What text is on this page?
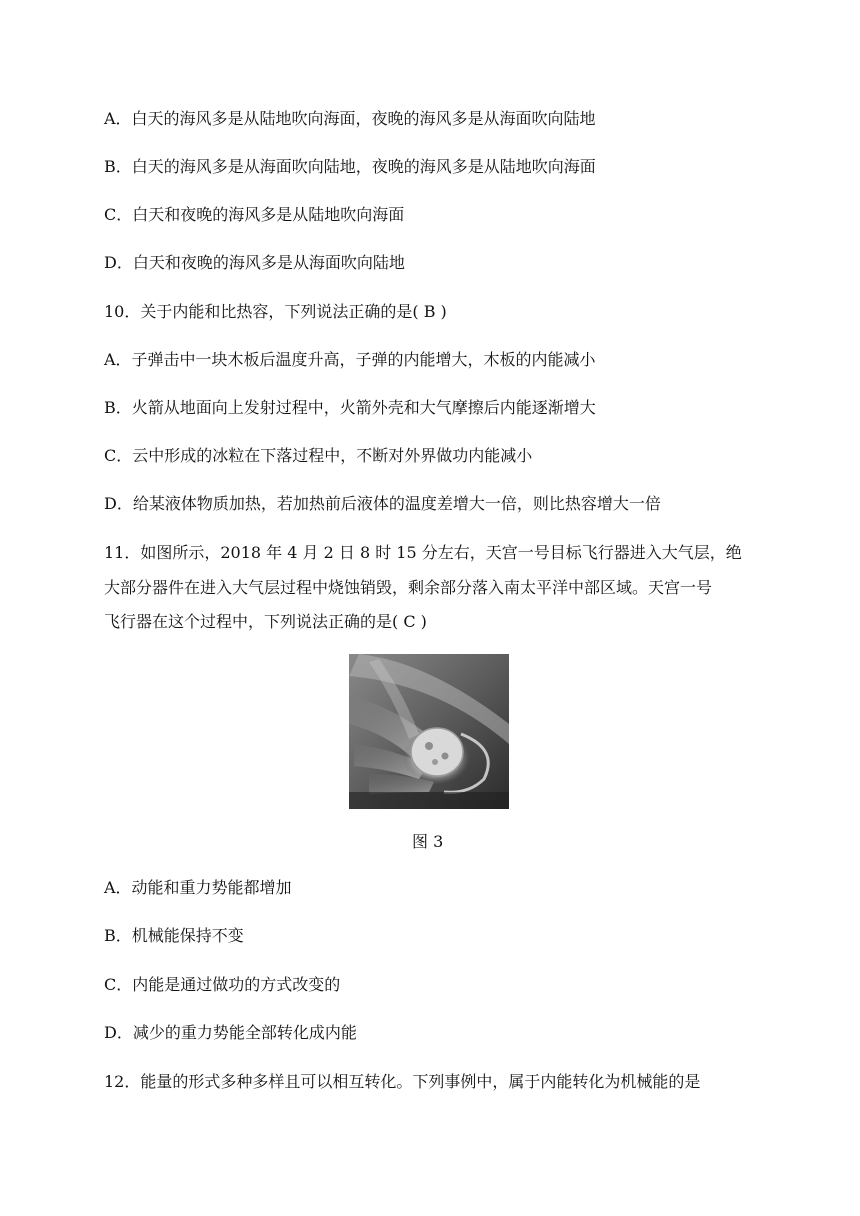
A．白天的海风多是从陆地吹向海面，夜晚的海风多是从海面吹向陆地
B．白天的海风多是从海面吹向陆地，夜晚的海风多是从陆地吹向海面
C．白天和夜晚的海风多是从陆地吹向海面
D．白天和夜晚的海风多是从海面吹向陆地
10．关于内能和比热容，下列说法正确的是( B )
A．子弹击中一块木板后温度升高，子弹的内能增大，木板的内能减小
B．火箭从地面向上发射过程中，火箭外壳和大气摩擦后内能逐渐增大
C．云中形成的冰粒在下落过程中，不断对外界做功内能减小
D．给某液体物质加热，若加热前后液体的温度差增大一倍，则比热容增大一倍
11．如图所示，2018 年 4 月 2 日 8 时 15 分左右，天宫一号目标飞行器进入大气层，绝
大部分器件在进入大气层过程中烧蚀销毁，剩余部分落入南太平洋中部区域。天宫一号
飞行器在这个过程中，下列说法正确的是( C )
图 3
A．动能和重力势能都增加
B．机械能保持不变
C．内能是通过做功的方式改变的
D．减少的重力势能全部转化成内能
12．能量的形式多种多样且可以相互转化。下列事例中，属于内能转化为机械能的是
